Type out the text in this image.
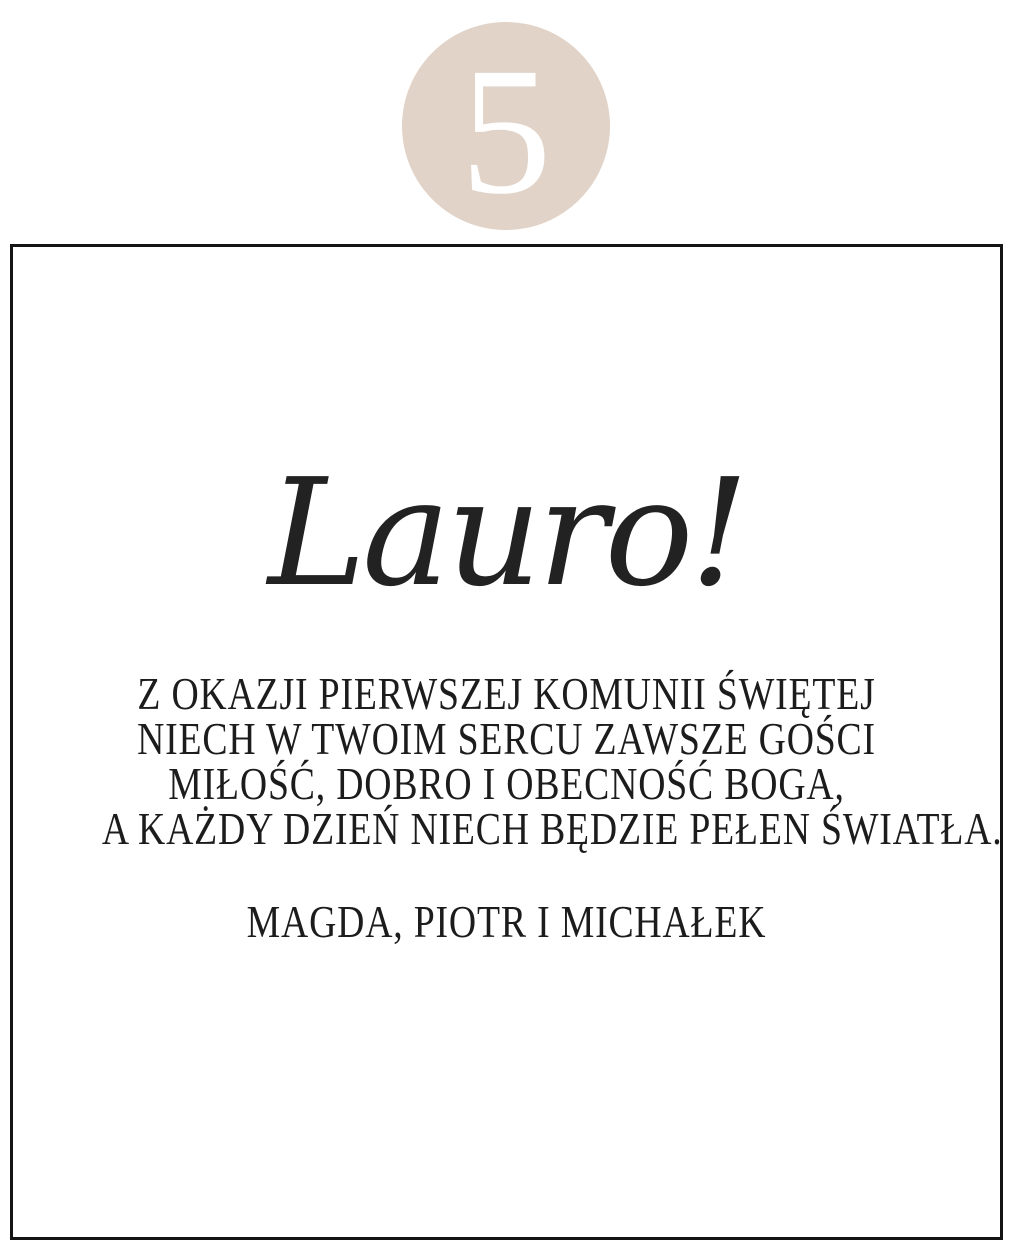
5
Lauro!
Z OKAZJI PIERWSZEJ KOMUNII ŚWIĘTEJ
NIECH W TWOIM SERCU ZAWSZE GOŚCI
MIŁOŚĆ, DOBRO I OBECNOŚĆ BOGA,
A KAŻDY DZIEŃ NIECH BĘDZIE PEŁEN ŚWIATŁA.
MAGDA, PIOTR I MICHAŁEK
